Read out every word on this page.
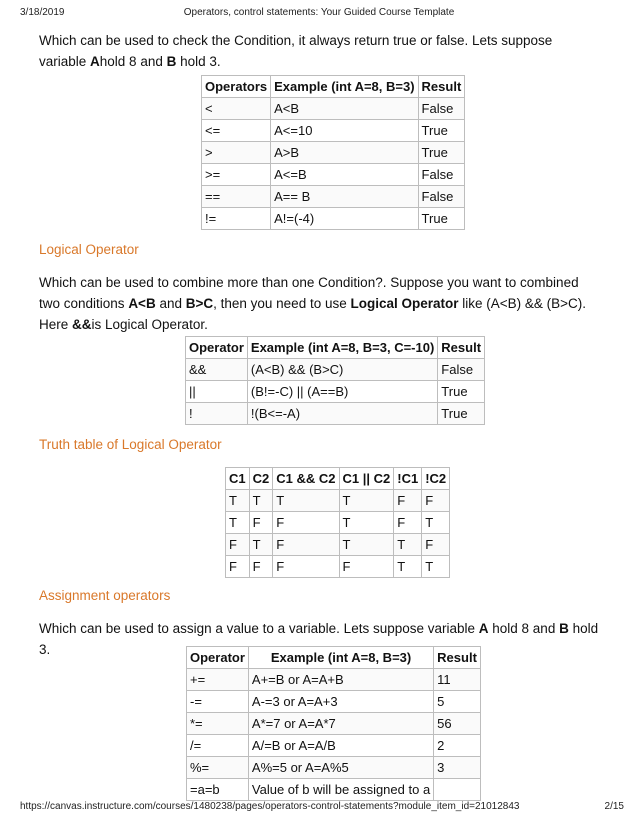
3/18/2019	Operators, control statements: Your Guided Course Template
Which can be used to check the Condition, it always return true or false. Lets suppose variable Ahold 8 and B hold 3.
Operators	Example (int A=8, B=3)	Result
<	A<B	False
<=	A<=10	True
>	A>B	True
>=	A<=B	False
==	A== B	False
!=	A!=(-4)	True
Logical Operator
Which can be used to combine more than one Condition?. Suppose you want to combined two conditions A<B and B>C, then you need to use Logical Operator like (A<B) && (B>C). Here &&is Logical Operator.
Operator	Example (int A=8, B=3, C=-10)	Result
&&	(A<B) && (B>C)	False
||	(B!=-C) || (A==B)	True
!	!(B<=-A)	True
Truth table of Logical Operator
C1	C2	C1 && C2	C1 || C2	!C1	!C2
T	T	T	T	F	F
T	F	F	T	F	T
F	T	F	T	T	F
F	F	F	F	T	T
Assignment operators
Which can be used to assign a value to a variable. Lets suppose variable A hold 8 and B hold 3.
Operator	Example (int A=8, B=3)	Result
+=	A+=B or A=A+B	11
-=	A-=3 or A=A+3	5
*=	A*=7 or A=A*7	56
/=	A/=B or A=A/B	2
%=	A%=5 or A=A%5	3
=a=b	Value of b will be assigned to a	
https://canvas.instructure.com/courses/1480238/pages/operators-control-statements?module_item_id=21012843	2/15
